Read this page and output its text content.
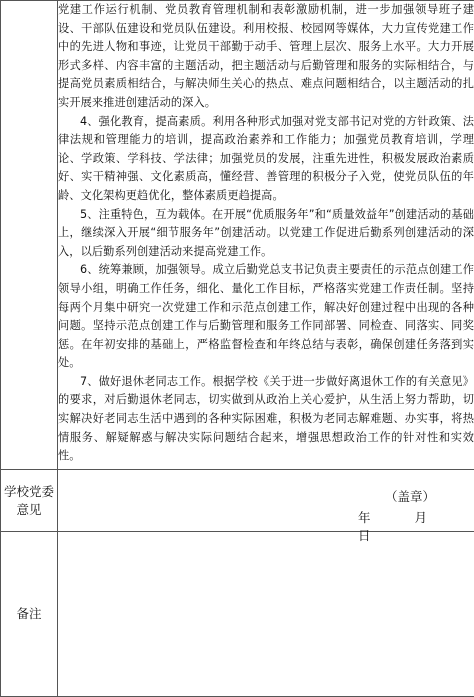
	党建工作运行机制、党员教育管理机制和表彰激励机制，进一步加强领导班子建设、干部队伍建设和党员队伍建设。利用校报、校园网等媒体，大力宣传党建工作中的先进人物和事迹，让党员干部勤于动手、管理上层次、服务上水平。大力开展形式多样、内容丰富的主题活动，把主题活动与后勤管理和服务的实际相结合，与提高党员素质相结合，与解决师生关心的热点、难点问题相结合，以主题活动的扎实开展来推进创建活动的深入。

4、强化教育，提高素质。利用各种形式加强对党支部书记对党的方针政策、法律法规和管理能力的培训，提高政治素养和工作能力；加强党员教育培训，学理论、学政策、学科技、学法律；加强党员的发展，注重先进性，积极发展政治素质好、实干精神强、文化素质高，懂经营、善管理的积极分子入党，使党员队伍的年龄、文化架构更趋优化，整体素质更趋提高。

5、注重特色，互为载体。在开展“优质服务年”和“质量效益年”创建活动的基础上，继续深入开展“细节服务年”创建活动。以党建工作促进后勤系列创建活动的深入，以后勤系列创建活动来提高党建工作。

6、统筹兼顾，加强领导。成立后勤党总支书记负责主要责任的示范点创建工作领导小组，明确工作任务，细化、量化工作目标，严格落实党建工作责任制。坚持每两个月集中研究一次党建工作和示范点创建工作，解决好创建过程中出现的各种问题。坚持示范点创建工作与后勤管理和服务工作同部署、同检查、同落实、同奖惩。在年初安排的基础上，严格监督检查和年终总结与表彰，确保创建任务落到实处。

7、做好退休老同志工作。根据学校《关于进一步做好离退休工作的有关意见》的要求，对后勤退休老同志，切实做到从政治上关心爱护，从生活上努力帮助，切实解决好老同志生活中遇到的各种实际困难，积极为老同志解难题、办实事，将热情服务、解疑解惑与解决实际问题结合起来，增强思想政治工作的针对性和实效性。

学校党委意见	（盖章）
年 月  日

备注	
